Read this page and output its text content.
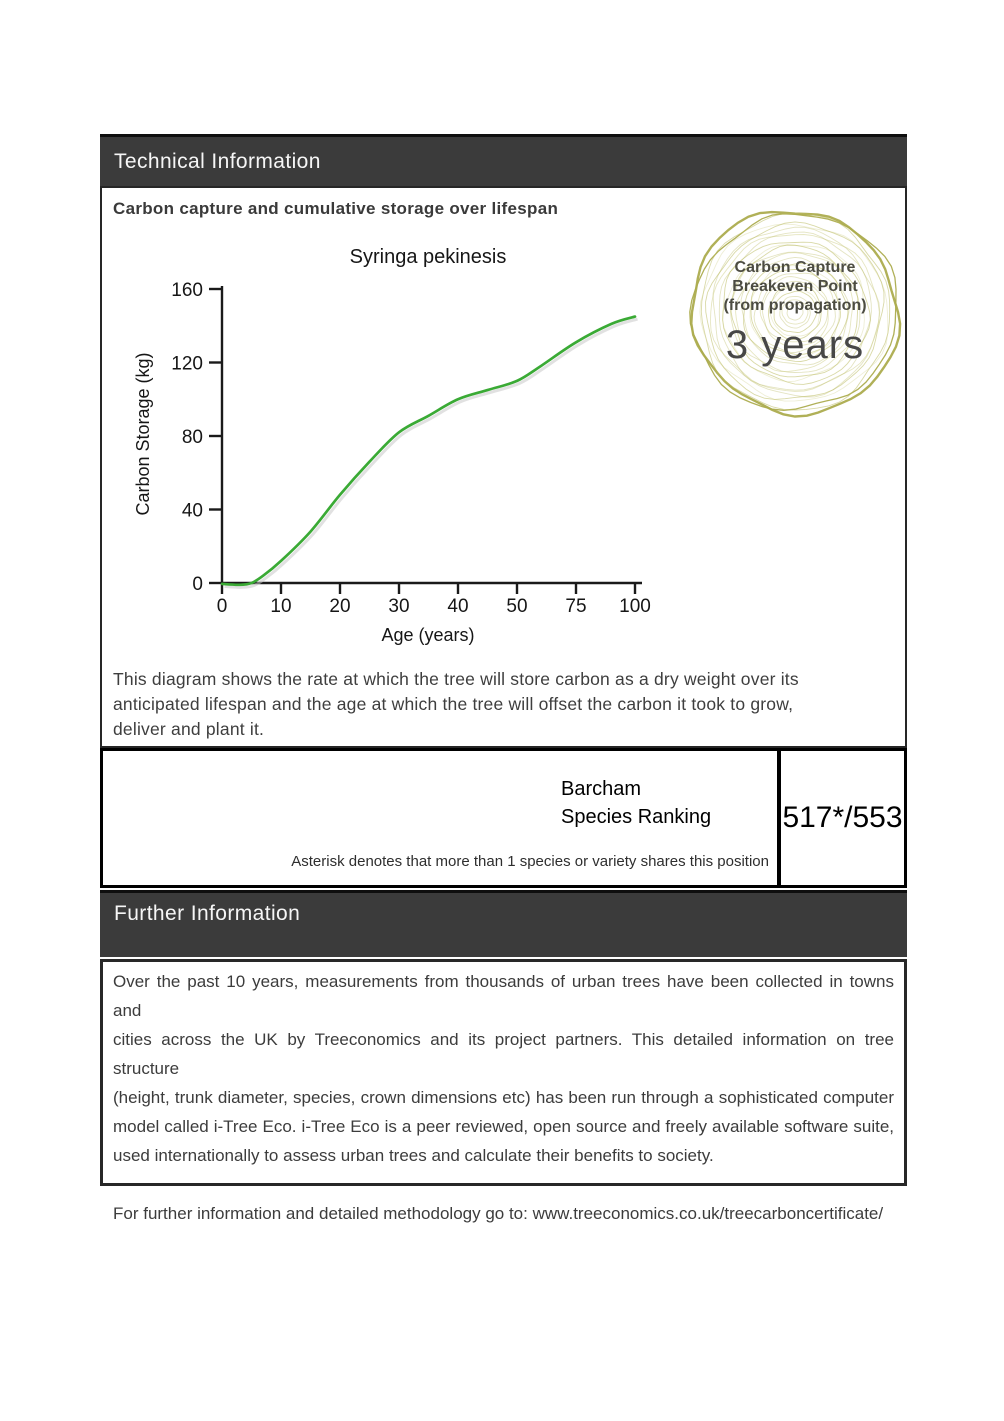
Technical Information
Carbon capture and cumulative storage over lifespan
Syringa pekinesis
Carbon Storage (kg)
Age (years)
0
40
80
120
160
0 10 20 30 40 50 75 100
Carbon Capture
Breakeven Point
(from propagation)
3 years
This diagram shows the rate at which the tree will store carbon as a dry weight over its
anticipated lifespan and the age at which the tree will offset the carbon it took to grow,
deliver and plant it.
Barcham
Species Ranking
Asterisk denotes that more than 1 species or variety shares this position
517*/553
Further Information
Over the past 10 years, measurements from thousands of urban trees have been collected in towns and
cities across the UK by Treeconomics and its project partners. This detailed information on tree structure
(height, trunk diameter, species, crown dimensions etc) has been run through a sophisticated computer
model called i-Tree Eco. i-Tree Eco is a peer reviewed, open source and freely available software suite,
used internationally to assess urban trees and calculate their benefits to society.
For further information and detailed methodology go to: www.treeconomics.co.uk/treecarboncertificate/
